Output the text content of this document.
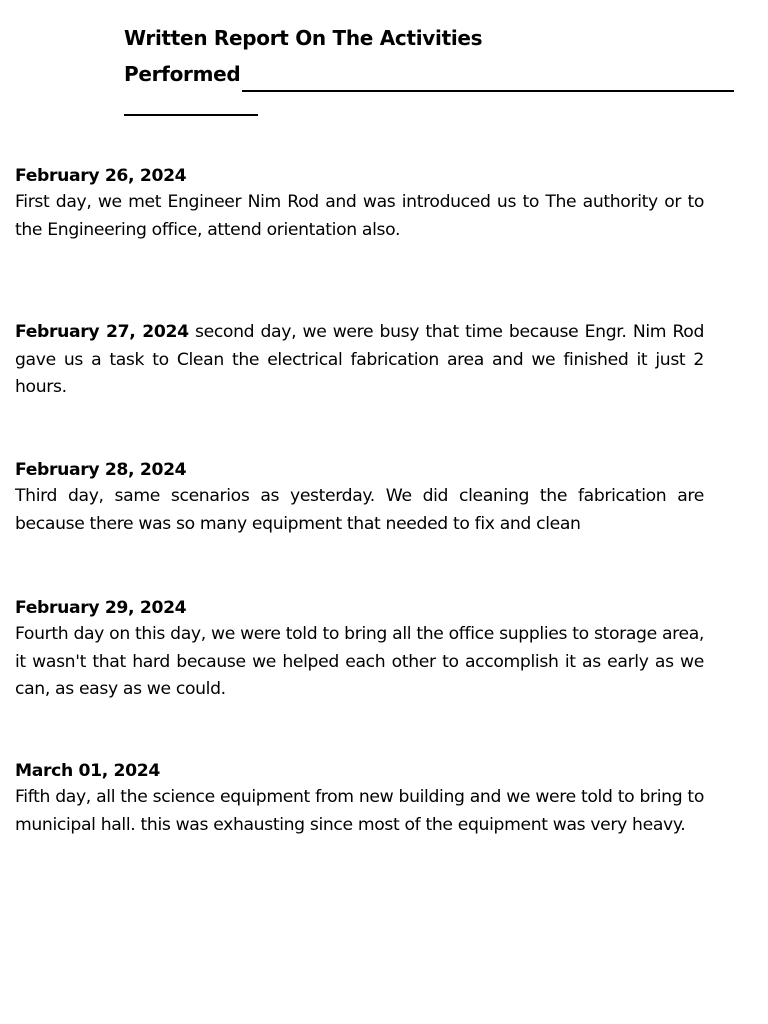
Written Report On The Activities
Performed
February 26, 2024
First day, we met Engineer Nim Rod and was introduced us to The authority or to the Engineering office, attend orientation also.
February 27, 2024 second day, we were busy that time because Engr. Nim Rod gave us a task to Clean the electrical fabrication area and we finished it just 2 hours.
February 28, 2024
Third day, same scenarios as yesterday. We did cleaning the fabrication are because there was so many equipment that needed to fix and clean
February 29, 2024
Fourth day on this day, we were told to bring all the office supplies to storage area, it wasn't that hard because we helped each other to accomplish it as early as we can, as easy as we could.
March 01, 2024
Fifth day, all the science equipment from new building and we were told to bring to municipal hall. this was exhausting since most of the equipment was very heavy.
